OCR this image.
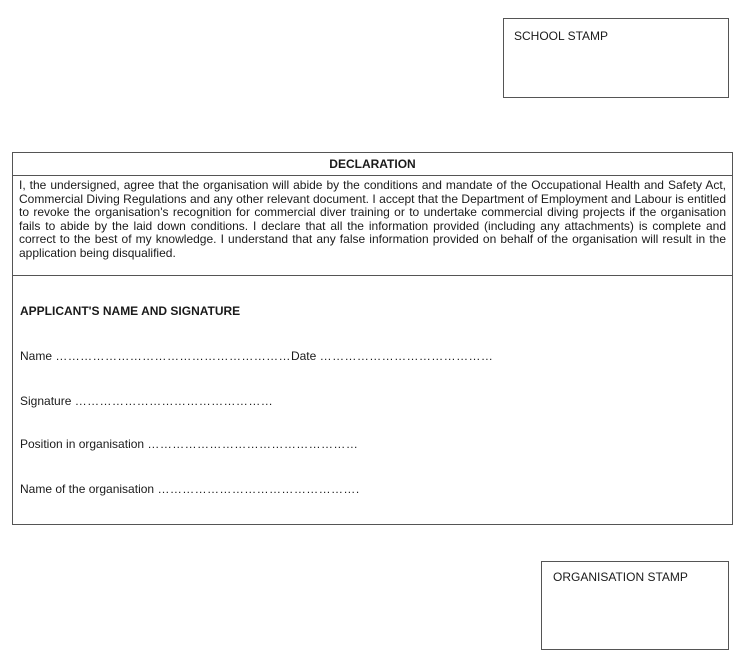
SCHOOL STAMP
DECLARATION
I, the undersigned, agree that the organisation will abide by the conditions and mandate of the Occupational Health and Safety Act, Commercial Diving Regulations and any other relevant document. I accept that the Department of Employment and Labour is entitled to revoke the organisation's recognition for commercial diver training or to undertake commercial diving projects if the organisation fails to abide by the laid down conditions. I declare that all the information provided (including any attachments) is complete and correct to the best of my knowledge. I understand that any false information provided on behalf of the organisation will result in the application being disqualified.
APPLICANT'S NAME AND SIGNATURE
Name …………………………………………………Date ……………………………………
Signature …………………………………………
Position in organisation ……………………………………………
Name of the organisation ………………………………………….
ORGANISATION STAMP
